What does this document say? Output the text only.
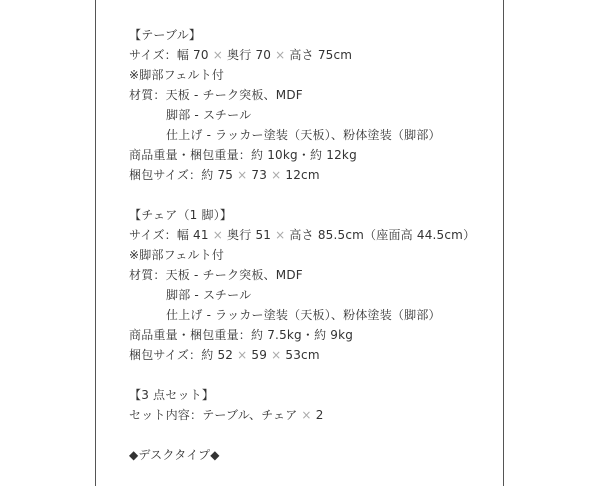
【テーブル】
サイズ：幅 70 × 奥行 70 × 高さ 75cm
※脚部フェルト付
材質：天板 - チーク突板、MDF
脚部 - スチール
仕上げ - ラッカー塗装（天板）、粉体塗装（脚部）
商品重量・梱包重量：約 10kg・約 12kg
梱包サイズ：約 75 × 73 × 12cm
【チェア（1 脚）】
サイズ：幅 41 × 奥行 51 × 高さ 85.5cm（座面高 44.5cm）
※脚部フェルト付
材質：天板 - チーク突板、MDF
脚部 - スチール
仕上げ - ラッカー塗装（天板）、粉体塗装（脚部）
商品重量・梱包重量：約 7.5kg・約 9kg
梱包サイズ：約 52 × 59 × 53cm
【3 点セット】
セット内容：テーブル、チェア × 2
◆デスクタイプ◆
